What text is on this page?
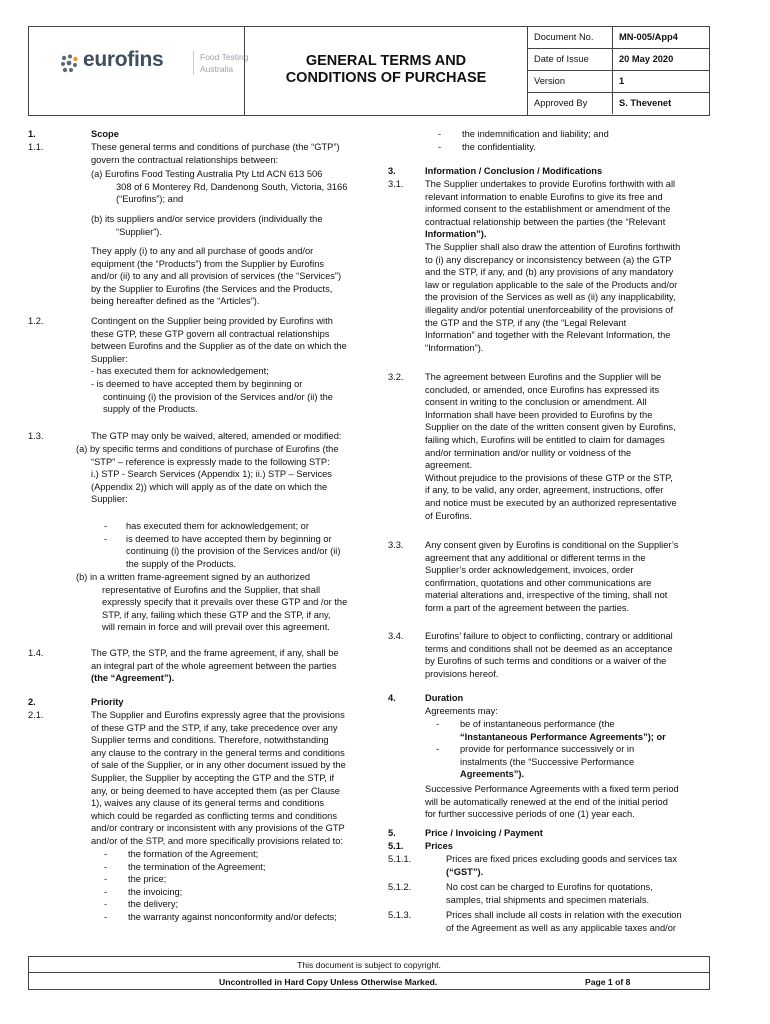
eurofins	Food Testing Australia	GENERAL TERMS AND
CONDITIONS OF PURCHASE
Document No.	MN-005/App4
Date of Issue	20 May 2020
Version	1
Approved By	S. Thevenet
1.	Scope
1.1.	These general terms and conditions of purchase (the “GTP”)
govern the contractual relationships between:
(a) Eurofins Food Testing Australia Pty Ltd ACN 613 506
308 of 6 Monterey Rd, Dandenong South, Victoria, 3166
(“Eurofins”); and
(b) its suppliers and/or service providers (individually the
“Supplier”).
They apply (i) to any and all purchase of goods and/or
equipment (the “Products”) from the Supplier by Eurofins
and/or (ii) to any and all provision of services (the “Services”)
by the Supplier to Eurofins (the Services and the Products,
being hereafter defined as the “Articles”).
1.2.	Contingent on the Supplier being provided by Eurofins with
these GTP, these GTP govern all contractual relationships
between Eurofins and the Supplier as of the date on which the
Supplier:
- has executed them for acknowledgement;
- is deemed to have accepted them by beginning or
continuing (i) the provision of the Services and/or (ii) the
supply of the Products.
1.3.	The GTP may only be waived, altered, amended or modified:
(a) by specific terms and conditions of purchase of Eurofins (the
“STP” – reference is expressly made to the following STP:
i.) STP - Search Services (Appendix 1); ii.) STP – Services
(Appendix 2)) which will apply as of the date on which the
Supplier:
- has executed them for acknowledgement; or
- is deemed to have accepted them by beginning or
continuing (i) the provision of the Services and/or (ii)
the supply of the Products.
(b) in a written frame-agreement signed by an authorized
representative of Eurofins and the Supplier, that shall
expressly specify that it prevails over these GTP and /or the
STP, if any, failing which these GTP and the STP, if any,
will remain in force and will prevail over this agreement.
1.4.	The GTP, the STP, and the frame agreement, if any, shall be
an integral part of the whole agreement between the parties
(the “Agreement”).
2.	Priority
2.1.	The Supplier and Eurofins expressly agree that the provisions
of these GTP and the STP, if any, take precedence over any
Supplier terms and conditions. Therefore, notwithstanding
any clause to the contrary in the general terms and conditions
of sale of the Supplier, or in any other document issued by the
Supplier, the Supplier by accepting the GTP and the STP, if
any, or being deemed to have accepted them (as per Clause
1), waives any clause of its general terms and conditions
which could be regarded as conflicting terms and conditions
and/or contrary or inconsistent with any provisions of the GTP
and/or of the STP, and more specifically provisions related to:
- the formation of the Agreement;
- the termination of the Agreement;
- the price;
- the invoicing;
- the delivery;
- the warranty against nonconformity and/or defects;
- the indemnification and liability; and
- the confidentiality.
3.	Information / Conclusion / Modifications
3.1. The Supplier undertakes to provide Eurofins forthwith with all
relevant information to enable Eurofins to give its free and
informed consent to the establishment or amendment of the
contractual relationship between the parties (the “Relevant
Information”).
The Supplier shall also draw the attention of Eurofins forthwith
to (i) any discrepancy or inconsistency between (a) the GTP
and the STP, if any, and (b) any provisions of any mandatory
law or regulation applicable to the sale of the Products and/or
the provision of the Services as well as (ii) any inapplicability,
illegality and/or potential unenforceability of the provisions of
the GTP and the STP, if any (the “Legal Relevant
Information” and together with the Relevant Information, the
“Information”).
3.2. The agreement between Eurofins and the Supplier will be
concluded, or amended, once Eurofins has expressed its
consent in writing to the conclusion or amendment. All
Information shall have been provided to Eurofins by the
Supplier on the date of the written consent given by Eurofins,
failing which, Eurofins will be entitled to claim for damages
and/or termination and/or nullity or voidness of the
agreement.
Without prejudice to the provisions of these GTP or the STP,
if any, to be valid, any order, agreement, instructions, offer
and notice must be executed by an authorized representative
of Eurofins.
3.3. Any consent given by Eurofins is conditional on the Supplier’s
agreement that any additional or different terms in the
Supplier’s order acknowledgement, invoices, order
confirmation, quotations and other communications are
material alterations and, irrespective of the timing, shall not
form a part of the agreement between the parties.
3.4. Eurofins’ failure to object to conflicting, contrary or additional
terms and conditions shall not be deemed as an acceptance
by Eurofins of such terms and conditions or a waiver of the
provisions hereof.
4.	Duration
Agreements may:
- be of instantaneous performance (the
“Instantaneous Performance Agreements”); or
- provide for performance successively or in
instalments (the “Successive Performance
Agreements”).
Successive Performance Agreements with a fixed term period
will be automatically renewed at the end of the initial period
for further successive periods of one (1) year each.
5.	Price / Invoicing / Payment
5.1. Prices
5.1.1.	Prices are fixed prices excluding goods and services tax
(“GST”).
5.1.2.	No cost can be charged to Eurofins for quotations,
samples, trial shipments and specimen materials.
5.1.3.	Prices shall include all costs in relation with the execution
of the Agreement as well as any applicable taxes and/or
This document is subject to copyright.
Uncontrolled in Hard Copy Unless Otherwise Marked.	Page 1 of 8
